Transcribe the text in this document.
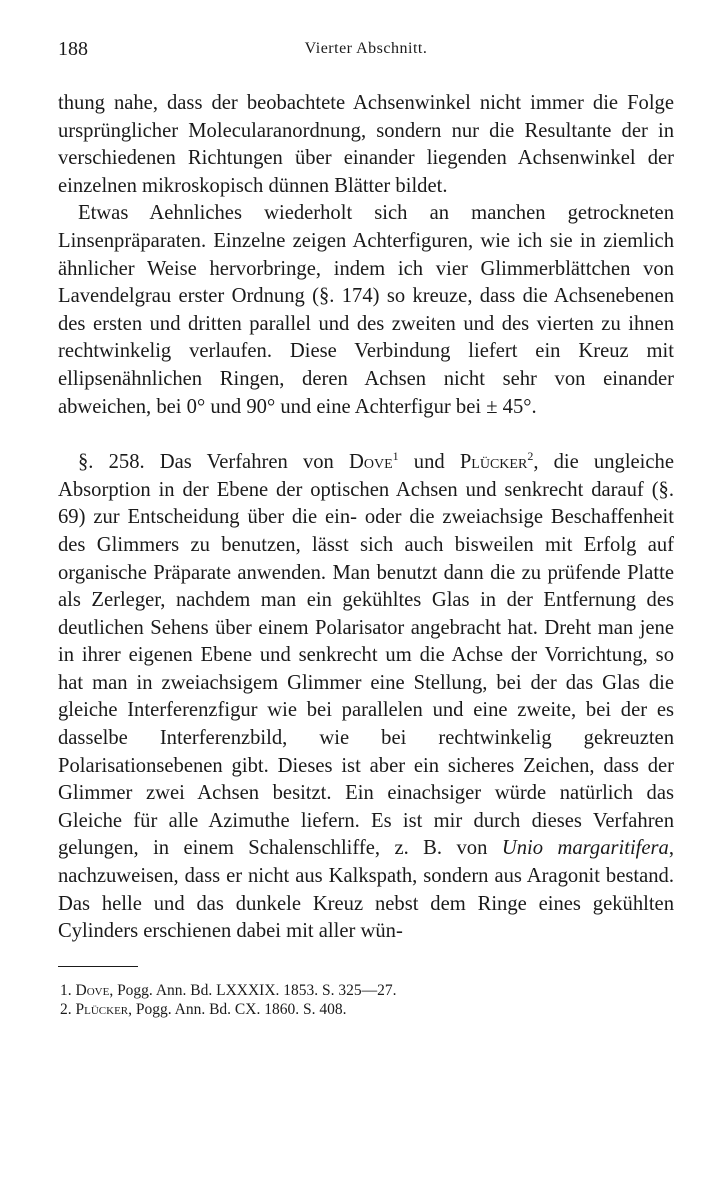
188	Vierter Abschnitt.

thung nahe, dass der beobachtete Achsenwinkel nicht immer die Folge ursprünglicher Molecularanordnung, sondern nur die Resultante der in verschiedenen Richtungen über einander liegenden Achsenwinkel der einzelnen mikroskopisch dünnen Blätter bildet.

Etwas Aehnliches wiederholt sich an manchen getrockneten Linsenpräparaten. Einzelne zeigen Achterfiguren, wie ich sie in ziemlich ähnlicher Weise hervorbringe, indem ich vier Glimmerblättchen von Lavendelgrau erster Ordnung (§. 174) so kreuze, dass die Achsenebenen des ersten und dritten parallel und des zweiten und des vierten zu ihnen rechtwinkelig verlaufen. Diese Verbindung liefert ein Kreuz mit ellipsenähnlichen Ringen, deren Achsen nicht sehr von einander abweichen, bei 0° und 90° und eine Achterfigur bei ± 45°.

§. 258. Das Verfahren von Dove$^1$ und Plücker$^2$, die ungleiche Absorption in der Ebene der optischen Achsen und senkrecht darauf (§. 69) zur Entscheidung über die ein- oder die zweiachsige Beschaffenheit des Glimmers zu benutzen, lässt sich auch bisweilen mit Erfolg auf organische Präparate anwenden. Man benutzt dann die zu prüfende Platte als Zerleger, nachdem man ein gekühltes Glas in der Entfernung des deutlichen Sehens über einem Polarisator angebracht hat. Dreht man jene in ihrer eigenen Ebene und senkrecht um die Achse der Vorrichtung, so hat man in zweiachsigem Glimmer eine Stellung, bei der das Glas die gleiche Interferenzfigur wie bei parallelen und eine zweite, bei der es dasselbe Interferenzbild, wie bei rechtwinkelig gekreuzten Polarisationsebenen gibt. Dieses ist aber ein sicheres Zeichen, dass der Glimmer zwei Achsen besitzt. Ein einachsiger würde natürlich das Gleiche für alle Azimuthe liefern. Es ist mir durch dieses Verfahren gelungen, in einem Schalenschliffe, z. B. von Unio margaritifera, nachzuweisen, dass er nicht aus Kalkspath, sondern aus Aragonit bestand. Das helle und das dunkele Kreuz nebst dem Ringe eines gekühlten Cylinders erschienen dabei mit aller wün-

1. Dove, Pogg. Ann. Bd. LXXXIX. 1853. S. 325—27.

2. Plücker, Pogg. Ann. Bd. CX. 1860. S. 408.
